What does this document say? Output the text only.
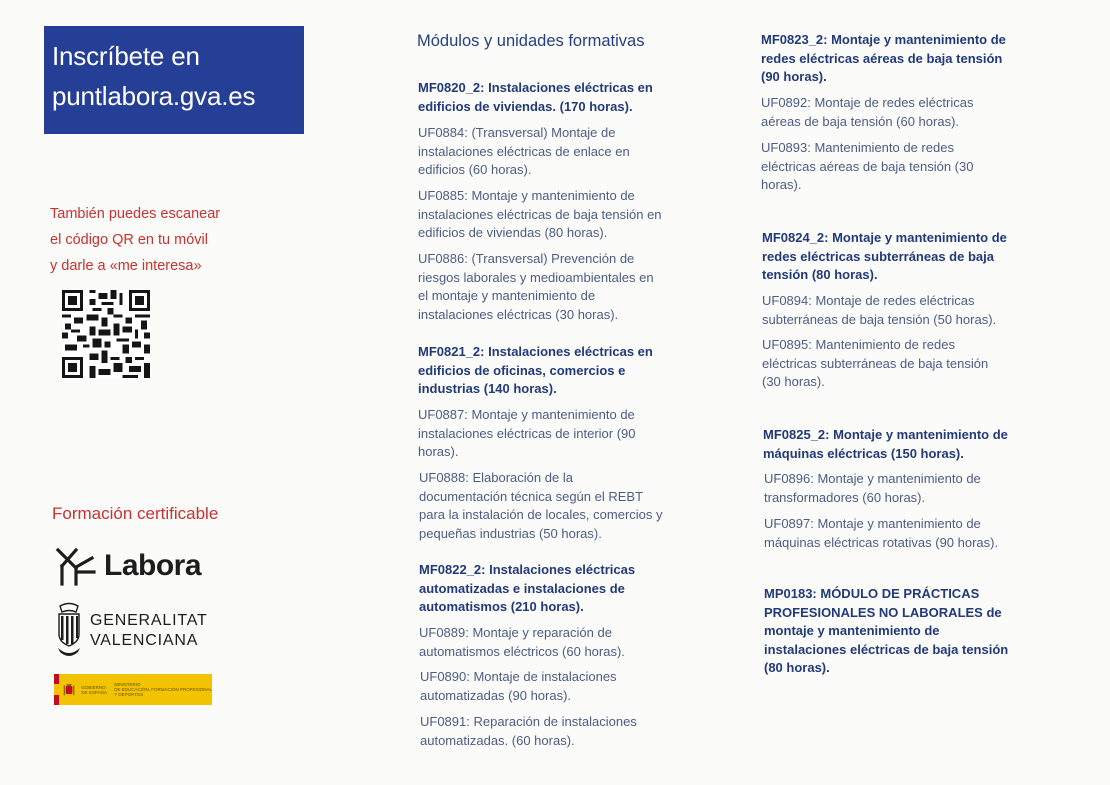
Inscríbete en
puntlabora.gva.es
También puedes escanear
el código QR en tu móvil
y darle a «me interesa»
Formación certificable
Labora
GENERALITAT
VALENCIANA
GOBIERNO
DE ESPAÑA
MINISTERIO
DE EDUCACIÓN, FORMACIÓN PROFESIONAL
Y DEPORTES
Módulos y unidades formativas

MF0820_2: Instalaciones eléctricas en
edificios de viviendas. (170 horas).

UF0884: (Transversal) Montaje de
instalaciones eléctricas de enlace en
edificios (60 horas).

UF0885: Montaje y mantenimiento de
instalaciones eléctricas de baja tensión en
edificios de viviendas (80 horas).

UF0886: (Transversal) Prevención de
riesgos laborales y medioambientales en
el montaje y mantenimiento de
instalaciones eléctricas (30 horas).

MF0821_2: Instalaciones eléctricas en
edificios de oficinas, comercios e
industrias (140 horas).

UF0887: Montaje y mantenimiento de
instalaciones eléctricas de interior (90
horas).

UF0888: Elaboración de la
documentación técnica según el REBT
para la instalación de locales, comercios y
pequeñas industrias (50 horas).

MF0822_2: Instalaciones eléctricas
automatizadas e instalaciones de
automatismos (210 horas).

UF0889: Montaje y reparación de
automatismos eléctricos (60 horas).

UF0890: Montaje de instalaciones
automatizadas (90 horas).

UF0891: Reparación de instalaciones
automatizadas. (60 horas).

MF0823_2: Montaje y mantenimiento de
redes eléctricas aéreas de baja tensión
(90 horas).

UF0892: Montaje de redes eléctricas
aéreas de baja tensión (60 horas).

UF0893: Mantenimiento de redes
eléctricas aéreas de baja tensión (30
horas).

MF0824_2: Montaje y mantenimiento de
redes eléctricas subterráneas de baja
tensión (80 horas).

UF0894: Montaje de redes eléctricas
subterráneas de baja tensión (50 horas).

UF0895: Mantenimiento de redes
eléctricas subterráneas de baja tensión
(30 horas).

MF0825_2: Montaje y mantenimiento de
máquinas eléctricas (150 horas).

UF0896: Montaje y mantenimiento de
transformadores (60 horas).

UF0897: Montaje y mantenimiento de
máquinas eléctricas rotativas (90 horas).

MP0183: MÓDULO DE PRÁCTICAS
PROFESIONALES NO LABORALES de
montaje y mantenimiento de
instalaciones eléctricas de baja tensión
(80 horas).
